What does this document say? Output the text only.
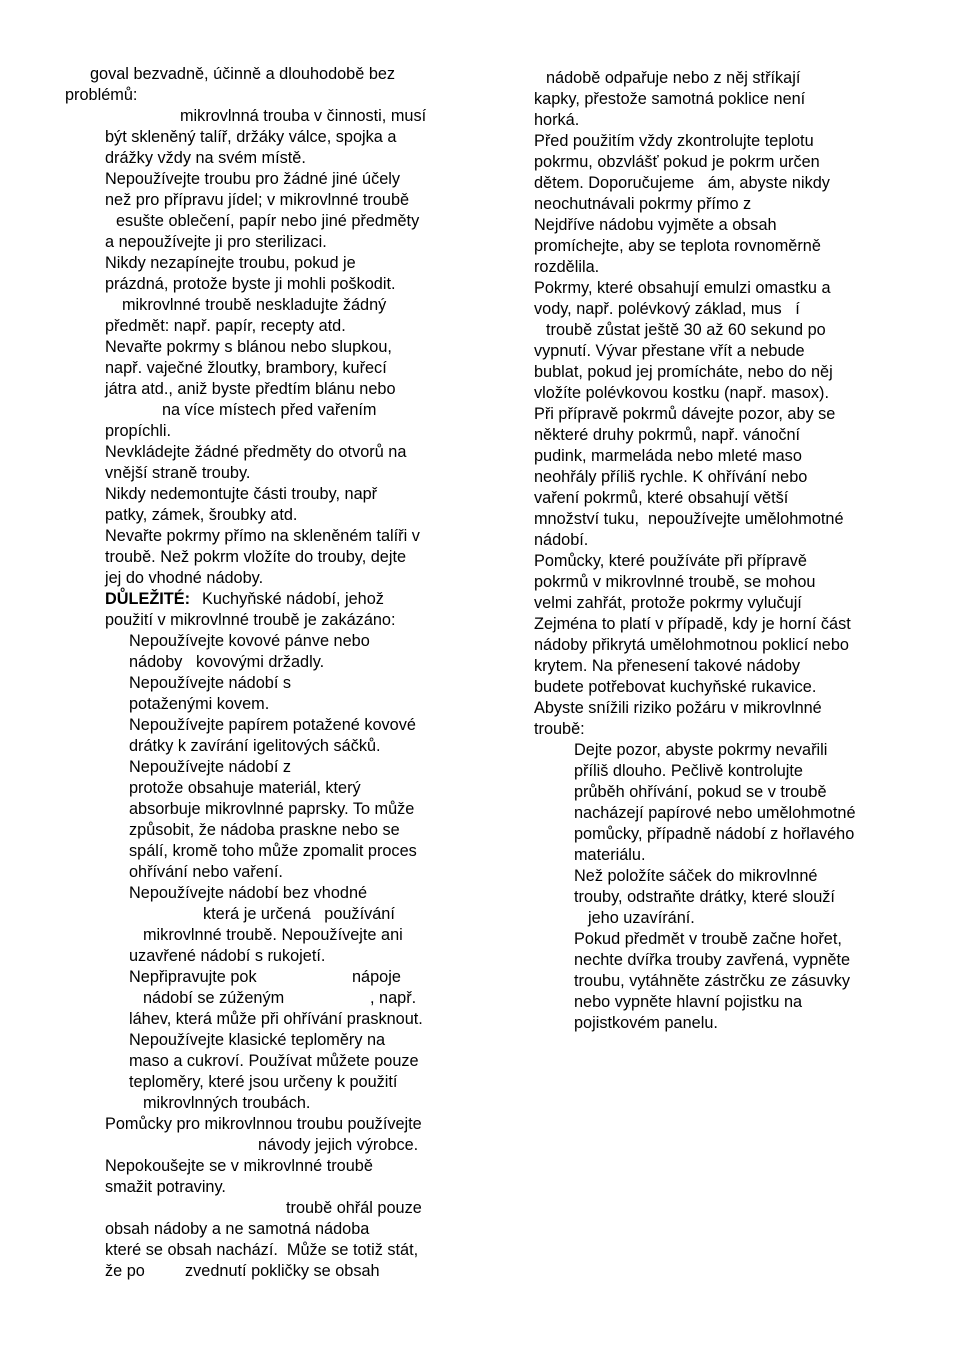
goval bezvadně, účinně a dlouhodobě bez
problémů:
mikrovlnná trouba v činnosti, musí
být skleněný talíř, držáky válce, spojka a
drážky vždy na svém místě.
Nepoužívejte troubu pro žádné jiné účely
než pro přípravu jídel; v mikrovlnné troubě
esušte oblečení, papír nebo jiné předměty
a nepoužívejte ji pro sterilizaci.
Nikdy nezapínejte troubu, pokud je
prázdná, protože byste ji mohli poškodit.
mikrovlnné troubě neskladujte žádný
předmět: např. papír, recepty atd.
Nevařte pokrmy s blánou nebo slupkou,
např. vaječné žloutky, brambory, kuřecí
játra atd., aniž byste předtím blánu nebo
na více místech před vařením
propíchli.
Nevkládejte žádné předměty do otvorů na
vnější straně trouby.
Nikdy nedemontujte části trouby, např
patky, zámek, šroubky atd.
Nevařte pokrmy přímo na skleněném talíři v
troubě. Než pokrm vložíte do trouby, dejte
jej do vhodné nádoby.
Kuchyňské nádobí, jehož
použití v mikrovlnné troubě je zakázáno:
Nepoužívejte kovové pánve nebo
nádoby   kovovými držadly.
Nepoužívejte nádobí s
potaženými kovem.
Nepoužívejte papírem potažené kovové
drátky k zavírání igelitových sáčků.
Nepoužívejte nádobí z
protože obsahuje materiál, který
absorbuje mikrovlnné paprsky. To může
způsobit, že nádoba praskne nebo se
spálí, kromě toho může zpomalit proces
ohřívání nebo vaření.
Nepoužívejte nádobí bez vhodné
která je určená   používání
mikrovlnné troubě. Nepoužívejte ani
uzavřené nádobí s rukojetí.
Nepřipravujte pok	nápoje
nádobí se zúženým	, např.
láhev, která může při ohřívání prasknout.
Nepoužívejte klasické teploměry na
maso a cukroví. Používat můžete pouze
teploměry, které jsou určeny k použití
mikrovlnných troubách.
Pomůcky pro mikrovlnnou troubu používejte
návody jejich výrobce.
Nepokoušejte se v mikrovlnné troubě
smažit potraviny.
troubě ohřál pouze
obsah nádoby a ne samotná nádoba
které se obsah nachází.  Může se totiž stát,
že po zvednutí pokličky se obsah
DŮLEŽITÉ:
nádobě odpařuje nebo z něj stříkají
kapky, přestože samotná poklice není
horká.
Před použitím vždy zkontrolujte teplotu
pokrmu, obzvlášť pokud je pokrm určen
dětem. Doporučujeme   ám, abyste nikdy
neochutnávali pokrmy přímo z
Nejdříve nádobu vyjměte a obsah
promíchejte, aby se teplota rovnoměrně
rozdělila.
Pokrmy, které obsahují emulzi omastku a
vody, např. polévkový základ, mus   í
troubě zůstat ještě 30 až 60 sekund po
vypnutí. Vývar přestane vřít a nebude
bublat, pokud jej promícháte, nebo do něj
vložíte polévkovou kostku (např. masox).
Při přípravě pokrmů dávejte pozor, aby se
některé druhy pokrmů, např. vánoční
pudink, marmeláda nebo mleté maso
neohřály příliš rychle. K ohřívání nebo
vaření pokrmů, které obsahují větší
množství tuku,  nepoužívejte umělohmotné
nádobí.
Pomůcky, které používáte při přípravě
pokrmů v mikrovlnné troubě, se mohou
velmi zahřát, protože pokrmy vylučují
Zejména to platí v případě, kdy je horní část
nádoby přikrytá umělohmotnou poklicí nebo
krytem. Na přenesení takové nádoby
budete potřebovat kuchyňské rukavice.
Abyste snížili riziko požáru v mikrovlnné
troubě:
Dejte pozor, abyste pokrmy nevařili
příliš dlouho. Pečlivě kontrolujte
průběh ohřívání, pokud se v troubě
nacházejí papírové nebo umělohmotné
pomůcky, případně nádobí z hořlavého
materiálu.
Než položíte sáček do mikrovlnné
trouby, odstraňte drátky, které slouží
jeho uzavírání.
Pokud předmět v troubě začne hořet,
nechte dvířka trouby zavřená, vypněte
troubu, vytáhněte zástrčku ze zásuvky
nebo vypněte hlavní pojistku na
pojistkovém panelu.
